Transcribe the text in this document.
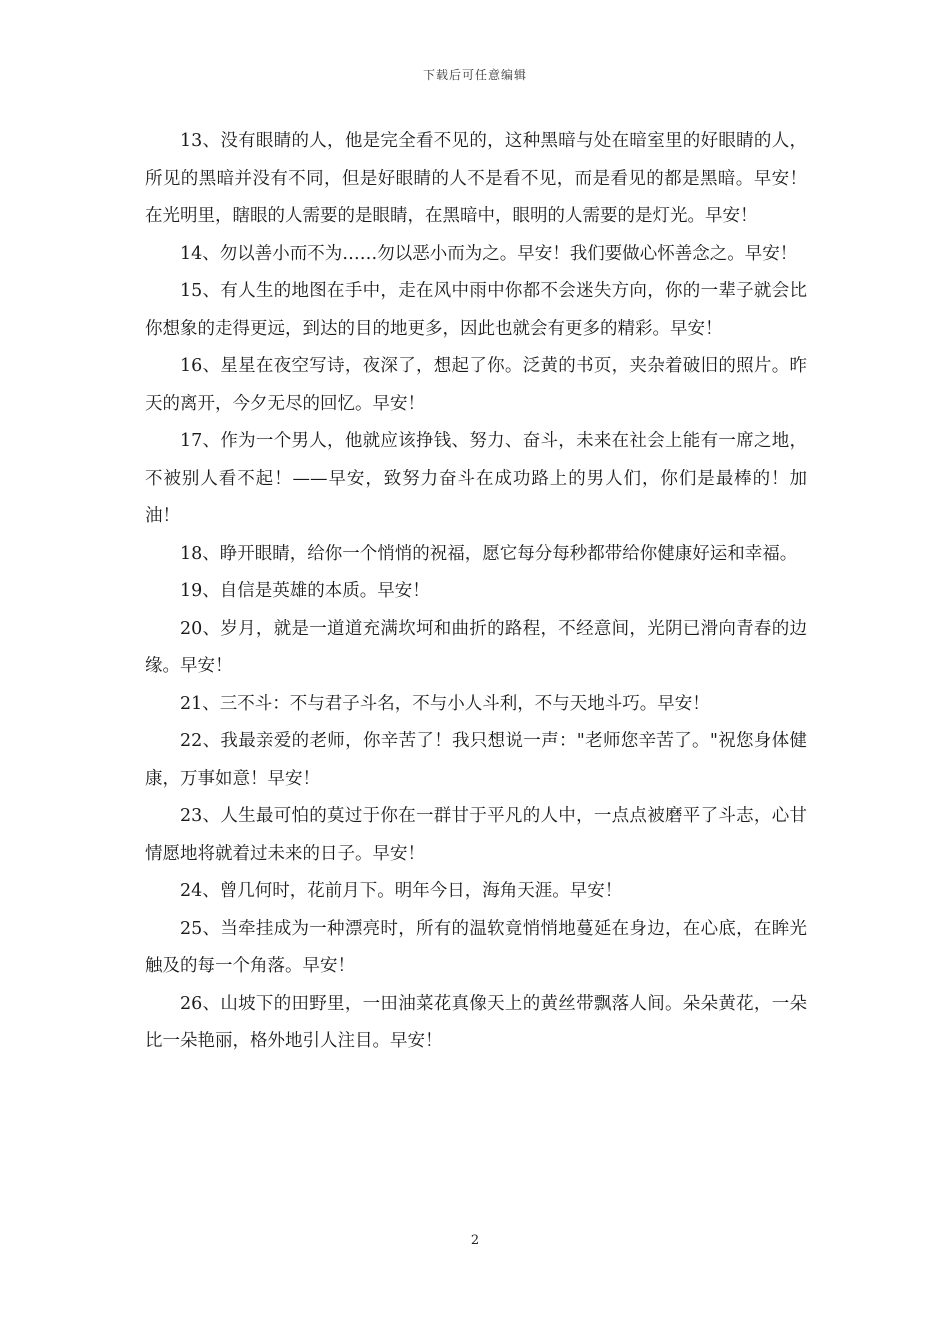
下载后可任意编辑

13、没有眼睛的人，他是完全看不见的，这种黑暗与处在暗室里的好眼睛的人，所见的黑暗并没有不同，但是好眼睛的人不是看不见，而是看见的都是黑暗。早安！在光明里，瞎眼的人需要的是眼睛，在黑暗中，眼明的人需要的是灯光。早安！

14、勿以善小而不为……勿以恶小而为之。早安！我们要做心怀善念之。早安！

15、有人生的地图在手中，走在风中雨中你都不会迷失方向，你的一辈子就会比你想象的走得更远，到达的目的地更多，因此也就会有更多的精彩。早安！

16、星星在夜空写诗，夜深了，想起了你。泛黄的书页，夹杂着破旧的照片。昨天的离开，今夕无尽的回忆。早安！

17、作为一个男人，他就应该挣钱、努力、奋斗，未来在社会上能有一席之地，不被别人看不起！——早安，致努力奋斗在成功路上的男人们，你们是最棒的！加油！

18、睁开眼睛，给你一个悄悄的祝福，愿它每分每秒都带给你健康好运和幸福。

19、自信是英雄的本质。早安！

20、岁月，就是一道道充满坎坷和曲折的路程，不经意间，光阴已滑向青春的边缘。早安！

21、三不斗：不与君子斗名，不与小人斗利，不与天地斗巧。早安！

22、我最亲爱的老师，你辛苦了！我只想说一声："老师您辛苦了。"祝您身体健康，万事如意！早安！

23、人生最可怕的莫过于你在一群甘于平凡的人中，一点点被磨平了斗志，心甘情愿地将就着过未来的日子。早安！

24、曾几何时，花前月下。明年今日，海角天涯。早安！

25、当牵挂成为一种漂亮时，所有的温软竟悄悄地蔓延在身边，在心底，在眸光触及的每一个角落。早安！

26、山坡下的田野里，一田油菜花真像天上的黄丝带飘落人间。朵朵黄花，一朵比一朵艳丽，格外地引人注目。早安！

2
